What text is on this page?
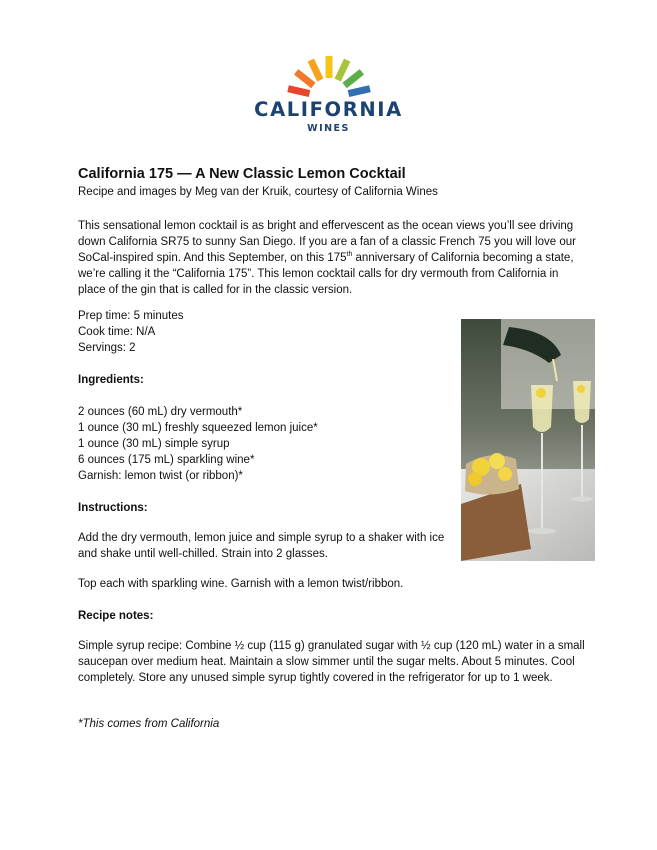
CALIFORNIA
WINES
California 175 — A New Classic Lemon Cocktail
Recipe and images by Meg van der Kruik, courtesy of California Wines

This sensational lemon cocktail is as bright and effervescent as the ocean views you’ll see driving down California SR75 to sunny San Diego. If you are a fan of a classic French 75 you will love our SoCal-inspired spin. And this September, on this 175th anniversary of California becoming a state, we’re calling it the “California 175”. This lemon cocktail calls for dry vermouth from California in place of the gin that is called for in the classic version.

Prep time: 5 minutes
Cook time: N/A
Servings: 2
Ingredients:
2 ounces (60 mL) dry vermouth*
1 ounce (30 mL) freshly squeezed lemon juice*
1 ounce (30 mL) simple syrup
6 ounces (175 mL) sparkling wine*
Garnish: lemon twist (or ribbon)*
Instructions:

Add the dry vermouth, lemon juice and simple syrup to a shaker with ice and shake until well-chilled. Strain into 2 glasses.

Top each with sparkling wine. Garnish with a lemon twist/ribbon.
Recipe notes:

Simple syrup recipe: Combine ½ cup (115 g) granulated sugar with ½ cup (120 mL) water in a small saucepan over medium heat. Maintain a slow simmer until the sugar melts. About 5 minutes. Cool completely. Store any unused simple syrup tightly covered in the refrigerator for up to 1 week.

*This comes from California
